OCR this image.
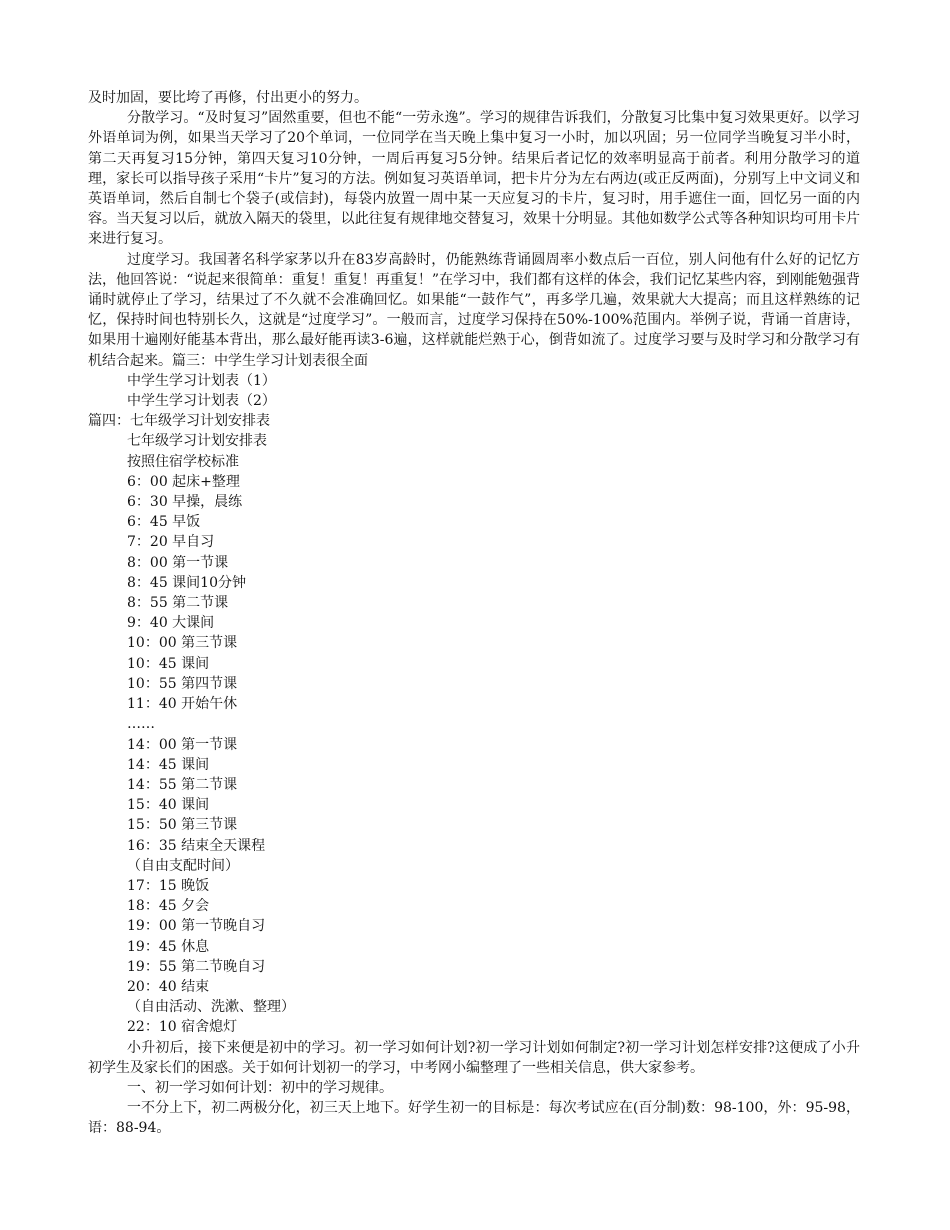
及时加固，要比垮了再修，付出更小的努力。

分散学习。“及时复习”固然重要，但也不能“一劳永逸”。学习的规律告诉我们，分散复习比集中复习效果更好。以学习外语单词为例，如果当天学习了20个单词，一位同学在当天晚上集中复习一小时，加以巩固；另一位同学当晚复习半小时，第二天再复习15分钟，第四天复习10分钟，一周后再复习5分钟。结果后者记忆的效率明显高于前者。利用分散学习的道理，家长可以指导孩子采用“卡片”复习的方法。例如复习英语单词，把卡片分为左右两边(或正反两面)，分别写上中文词义和英语单词，然后自制七个袋子(或信封)，每袋内放置一周中某一天应复习的卡片，复习时，用手遮住一面，回忆另一面的内容。当天复习以后，就放入隔天的袋里，以此往复有规律地交替复习，效果十分明显。其他如数学公式等各种知识均可用卡片来进行复习。

过度学习。我国著名科学家茅以升在83岁高龄时，仍能熟练背诵圆周率小数点后一百位，别人问他有什么好的记忆方法，他回答说：“说起来很简单：重复！重复！再重复！”在学习中，我们都有这样的体会，我们记忆某些内容，到刚能勉强背诵时就停止了学习，结果过了不久就不会准确回忆。如果能“一鼓作气”，再多学几遍，效果就大大提高；而且这样熟练的记忆，保持时间也特别长久，这就是“过度学习”。一般而言，过度学习保持在50%-100%范围内。举例子说，背诵一首唐诗，如果用十遍刚好能基本背出，那么最好能再读3-6遍，这样就能烂熟于心，倒背如流了。过度学习要与及时学习和分散学习有机结合起来。篇三：中学生学习计划表很全面

中学生学习计划表（1）

中学生学习计划表（2）

篇四：七年级学习计划安排表

七年级学习计划安排表

按照住宿学校标准

6：00 起床+整理

6：30 早操，晨练

6：45 早饭

7：20 早自习

8：00 第一节课

8：45 课间10分钟

8：55 第二节课

9：40 大课间

10：00 第三节课

10：45 课间

10：55 第四节课

11：40 开始午休

……

14：00 第一节课

14：45 课间

14：55 第二节课

15：40 课间

15：50 第三节课

16：35 结束全天课程

（自由支配时间）

17：15 晚饭

18：45 夕会

19：00 第一节晚自习

19：45 休息

19：55 第二节晚自习

20：40 结束

（自由活动、洗漱、整理）

22：10 宿舍熄灯

小升初后，接下来便是初中的学习。初一学习如何计划?初一学习计划如何制定?初一学习计划怎样安排?这便成了小升初学生及家长们的困惑。关于如何计划初一的学习，中考网小编整理了一些相关信息，供大家参考。

一、初一学习如何计划：初中的学习规律。

一不分上下，初二两极分化，初三天上地下。好学生初一的目标是：每次考试应在(百分制)数：98-100，外：95-98，语：88-94。
